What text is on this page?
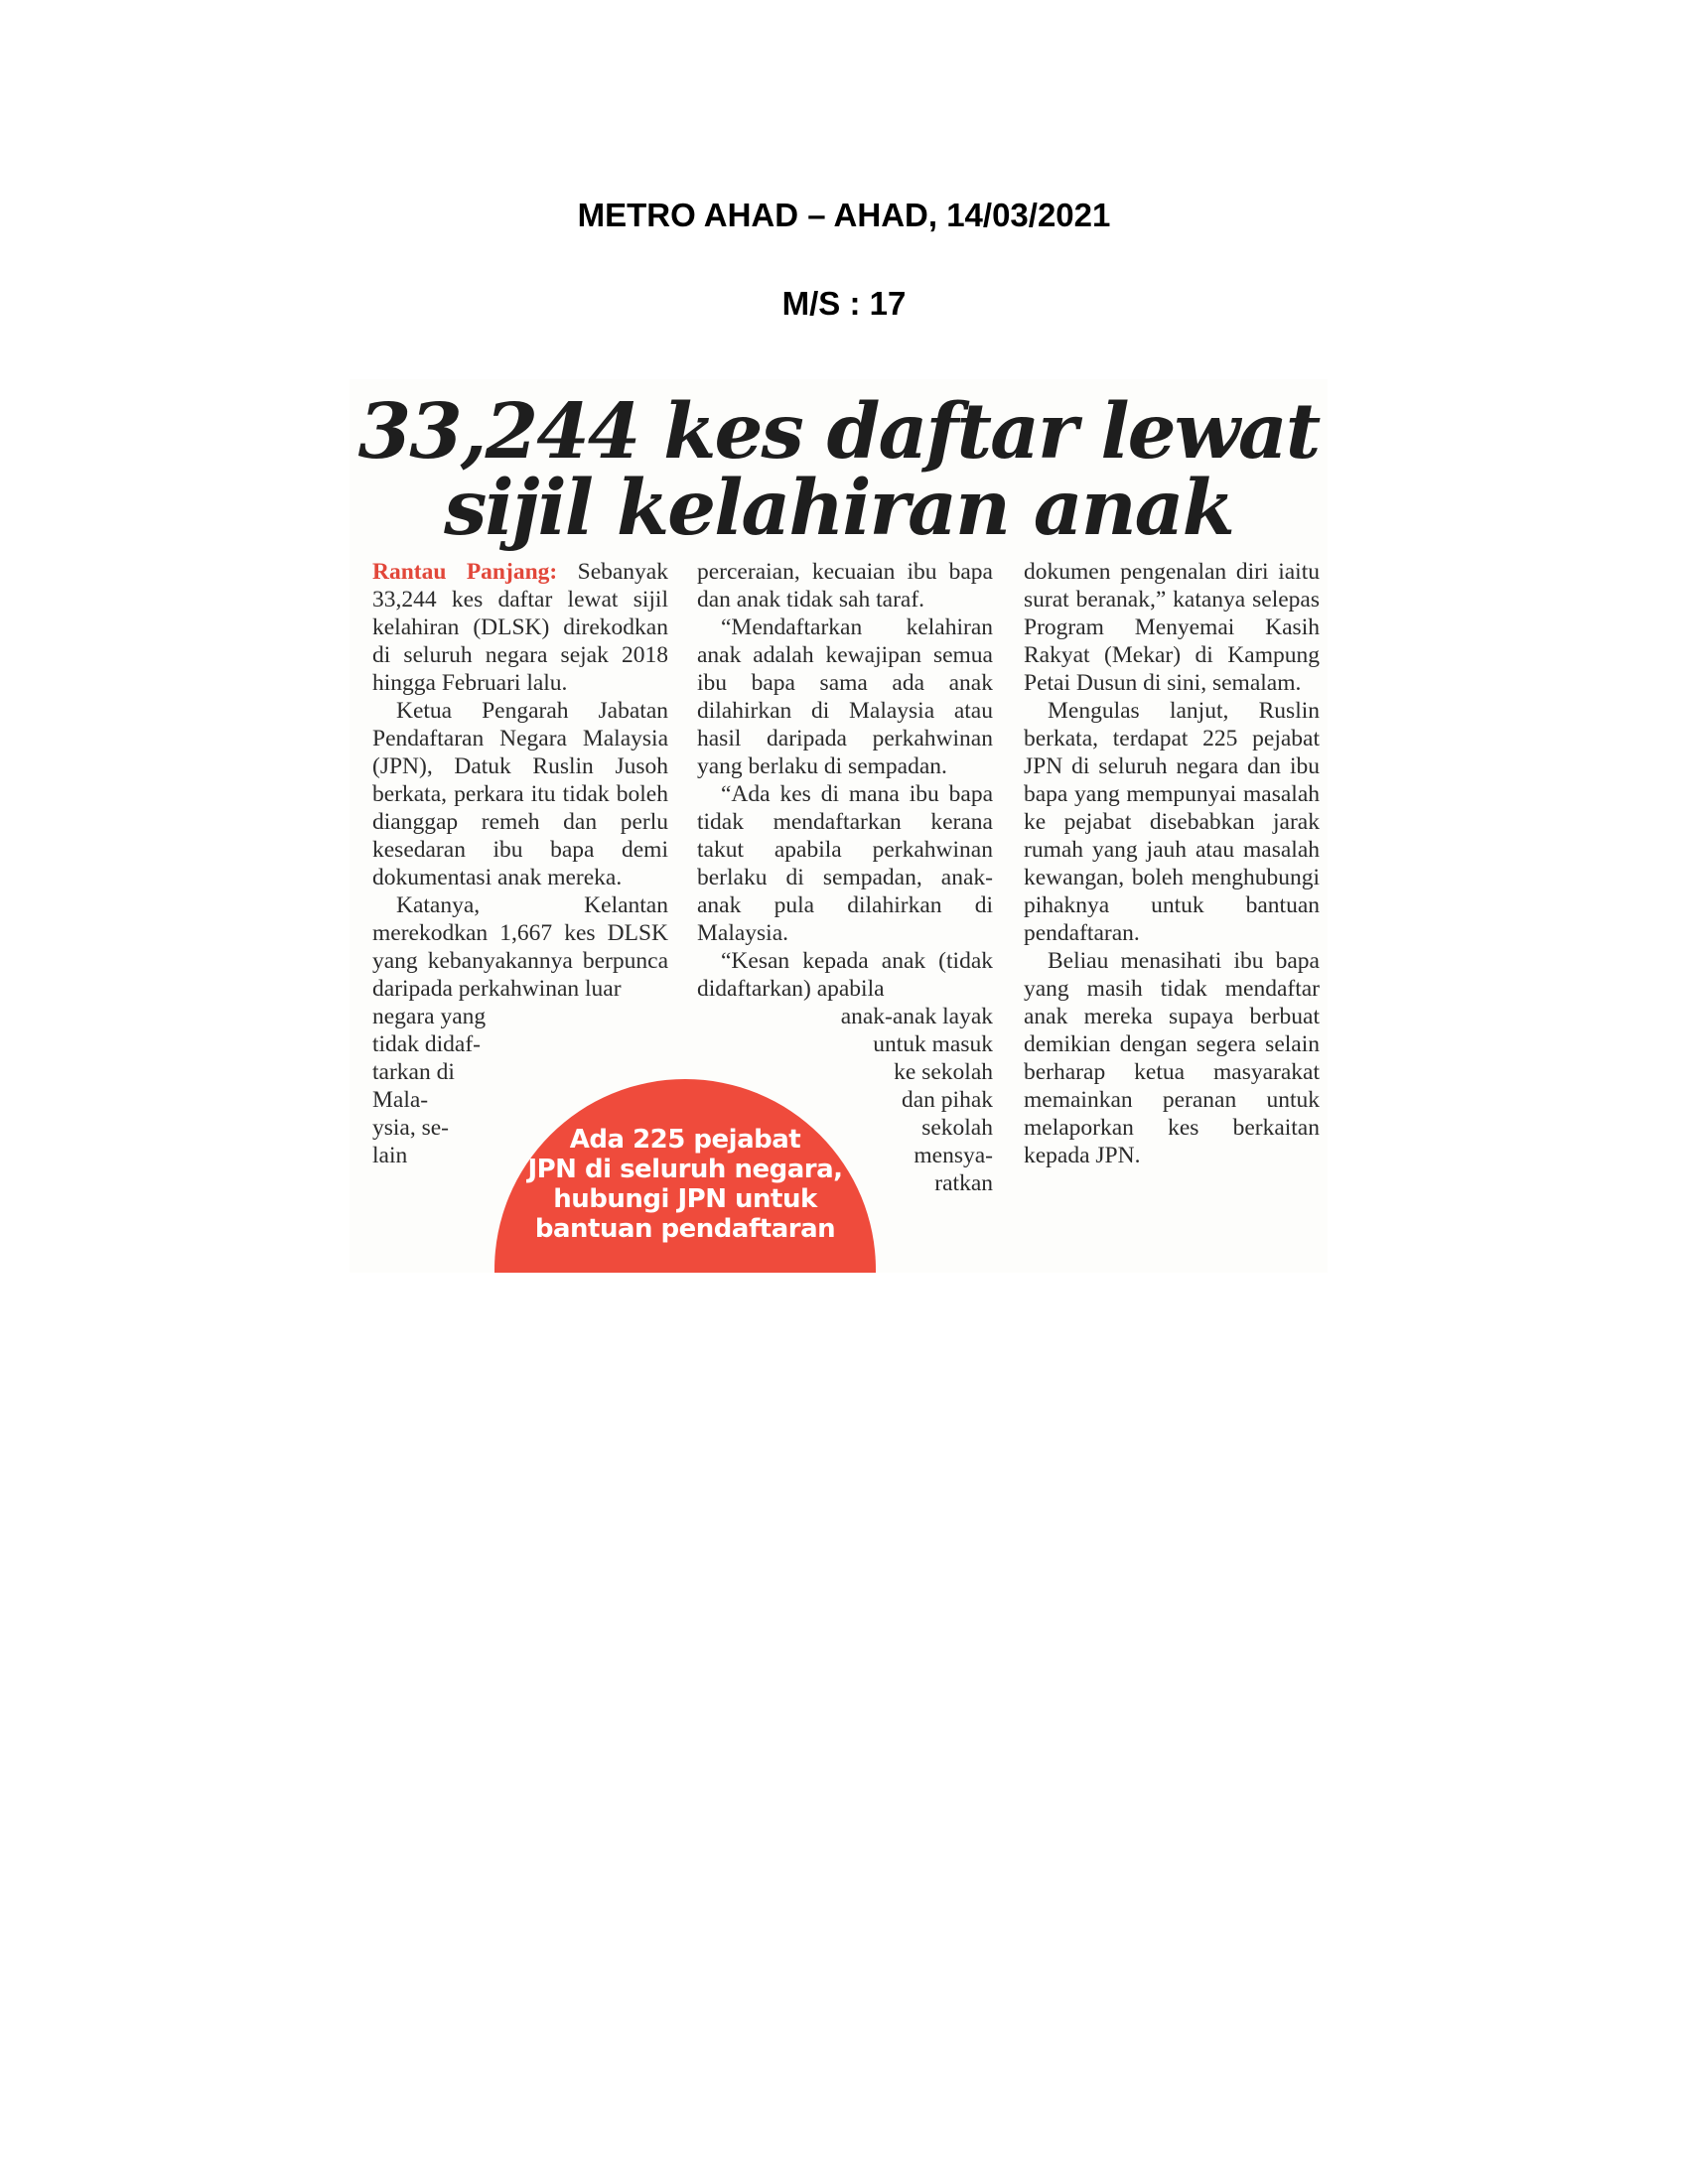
METRO AHAD – AHAD, 14/03/2021
M/S : 17
33,244 kes daftar lewat
sijil kelahiran anak

Rantau Panjang: Sebanyak 33,244 kes daftar lewat sijil kelahiran (DLSK) direkodkan di seluruh negara sejak 2018 hingga Februari lalu.

Ketua Pengarah Jabatan Pendaftaran Negara Malaysia (JPN), Datuk Ruslin Jusoh berkata, perkara itu tidak boleh dianggap remeh dan perlu kesedaran ibu bapa demi dokumentasi anak mereka.

Katanya, Kelantan merekodkan 1,667 kes DLSK yang kebanyakannya berpunca daripada perkahwinan luar

negara yang

tidak didaf-

tarkan di

Mala-

ysia, se-

lain

perceraian, kecuaian ibu bapa dan anak tidak sah taraf.

“Mendaftarkan kelahiran anak adalah kewajipan semua ibu bapa sama ada anak dilahirkan di Malaysia atau hasil daripada perkahwinan yang berlaku di sempadan.

“Ada kes di mana ibu bapa tidak mendaftarkan kerana takut apabila perkahwinan berlaku di sempadan, anak-anak pula dilahirkan di Malaysia.

“Kesan kepada anak (tidak didaftarkan) apabila

anak-anak layak

untuk masuk

ke sekolah

dan pihak

sekolah

mensya-

ratkan

dokumen pengenalan diri iaitu surat beranak,” katanya selepas Program Menyemai Kasih Rakyat (Mekar) di Kampung Petai Dusun di sini, semalam.

Mengulas lanjut, Ruslin berkata, terdapat 225 pejabat JPN di seluruh negara dan ibu bapa yang mempunyai masalah ke pejabat disebabkan jarak rumah yang jauh atau masalah kewangan, boleh menghubungi pihaknya untuk bantuan pendaftaran.

Beliau menasihati ibu bapa yang masih tidak mendaftar anak mereka supaya berbuat demikian dengan segera selain berharap ketua masyarakat memainkan peranan untuk melaporkan kes berkaitan kepada JPN.

Ada 225 pejabat
JPN di seluruh negara,
hubungi JPN untuk
bantuan pendaftaran
